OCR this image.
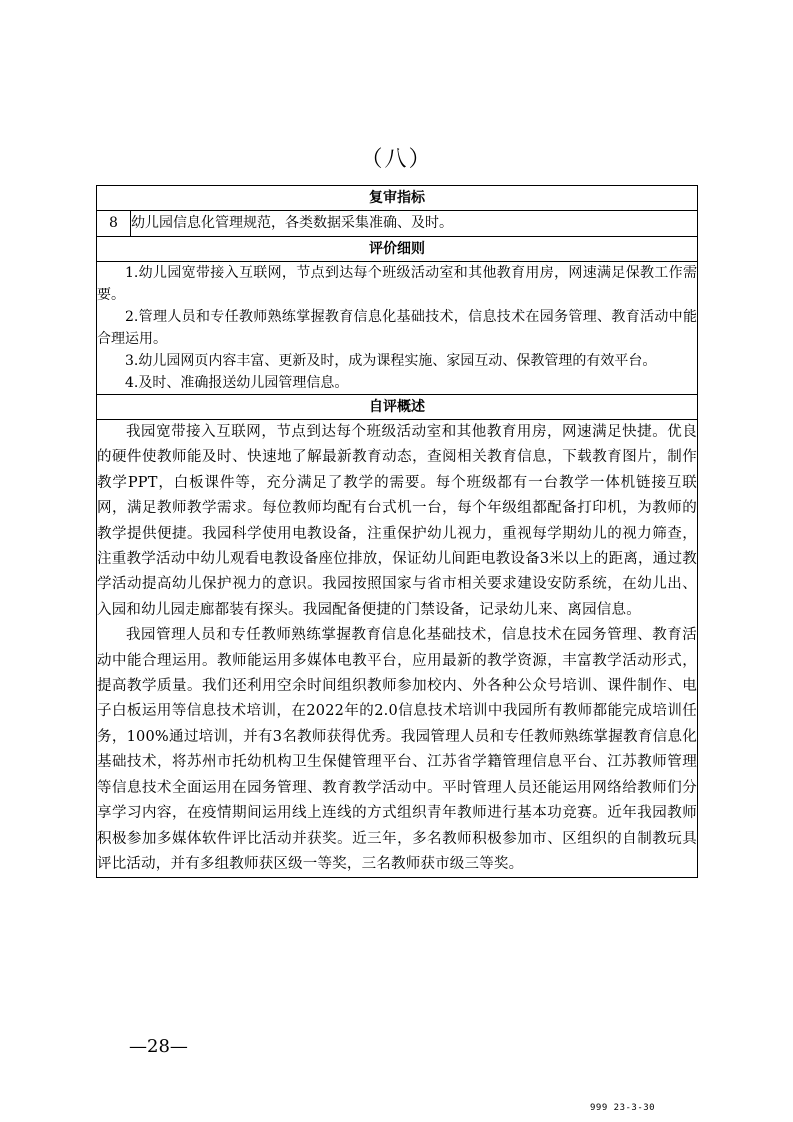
（八）
复审指标
8	幼儿园信息化管理规范，各类数据采集准确、及时。
评价细则

1.幼儿园宽带接入互联网，节点到达每个班级活动室和其他教育用房，网速满足保教工作需要。

2.管理人员和专任教师熟练掌握教育信息化基础技术，信息技术在园务管理、教育活动中能合理运用。

3.幼儿园网页内容丰富、更新及时，成为课程实施、家园互动、保教管理的有效平台。

4.及时、准确报送幼儿园管理信息。

自评概述

我园宽带接入互联网，节点到达每个班级活动室和其他教育用房，网速满足快捷。优良的硬件使教师能及时、快速地了解最新教育动态，查阅相关教育信息，下载教育图片，制作教学PPT，白板课件等，充分满足了教学的需要。每个班级都有一台教学一体机链接互联网，满足教师教学需求。每位教师均配有台式机一台，每个年级组都配备打印机，为教师的教学提供便捷。我园科学使用电教设备，注重保护幼儿视力，重视每学期幼儿的视力筛查，注重教学活动中幼儿观看电教设备座位排放，保证幼儿间距电教设备3米以上的距离，通过教学活动提高幼儿保护视力的意识。我园按照国家与省市相关要求建设安防系统，在幼儿出、入园和幼儿园走廊都装有探头。我园配备便捷的门禁设备，记录幼儿来、离园信息。

我园管理人员和专任教师熟练掌握教育信息化基础技术，信息技术在园务管理、教育活动中能合理运用。教师能运用多媒体电教平台，应用最新的教学资源，丰富教学活动形式，提高教学质量。我们还利用空余时间组织教师参加校内、外各种公众号培训、课件制作、电子白板运用等信息技术培训，在2022年的2.0信息技术培训中我园所有教师都能完成培训任务，100%通过培训，并有3名教师获得优秀。我园管理人员和专任教师熟练掌握教育信息化基础技术，将苏州市托幼机构卫生保健管理平台、江苏省学籍管理信息平台、江苏教师管理等信息技术全面运用在园务管理、教育教学活动中。平时管理人员还能运用网络给教师们分享学习内容，在疫情期间运用线上连线的方式组织青年教师进行基本功竞赛。近年我园教师积极参加多媒体软件评比活动并获奖。近三年，多名教师积极参加市、区组织的自制教玩具评比活动，并有多组教师获区级一等奖，三名教师获市级三等奖。

—28—
999 23-3-30
